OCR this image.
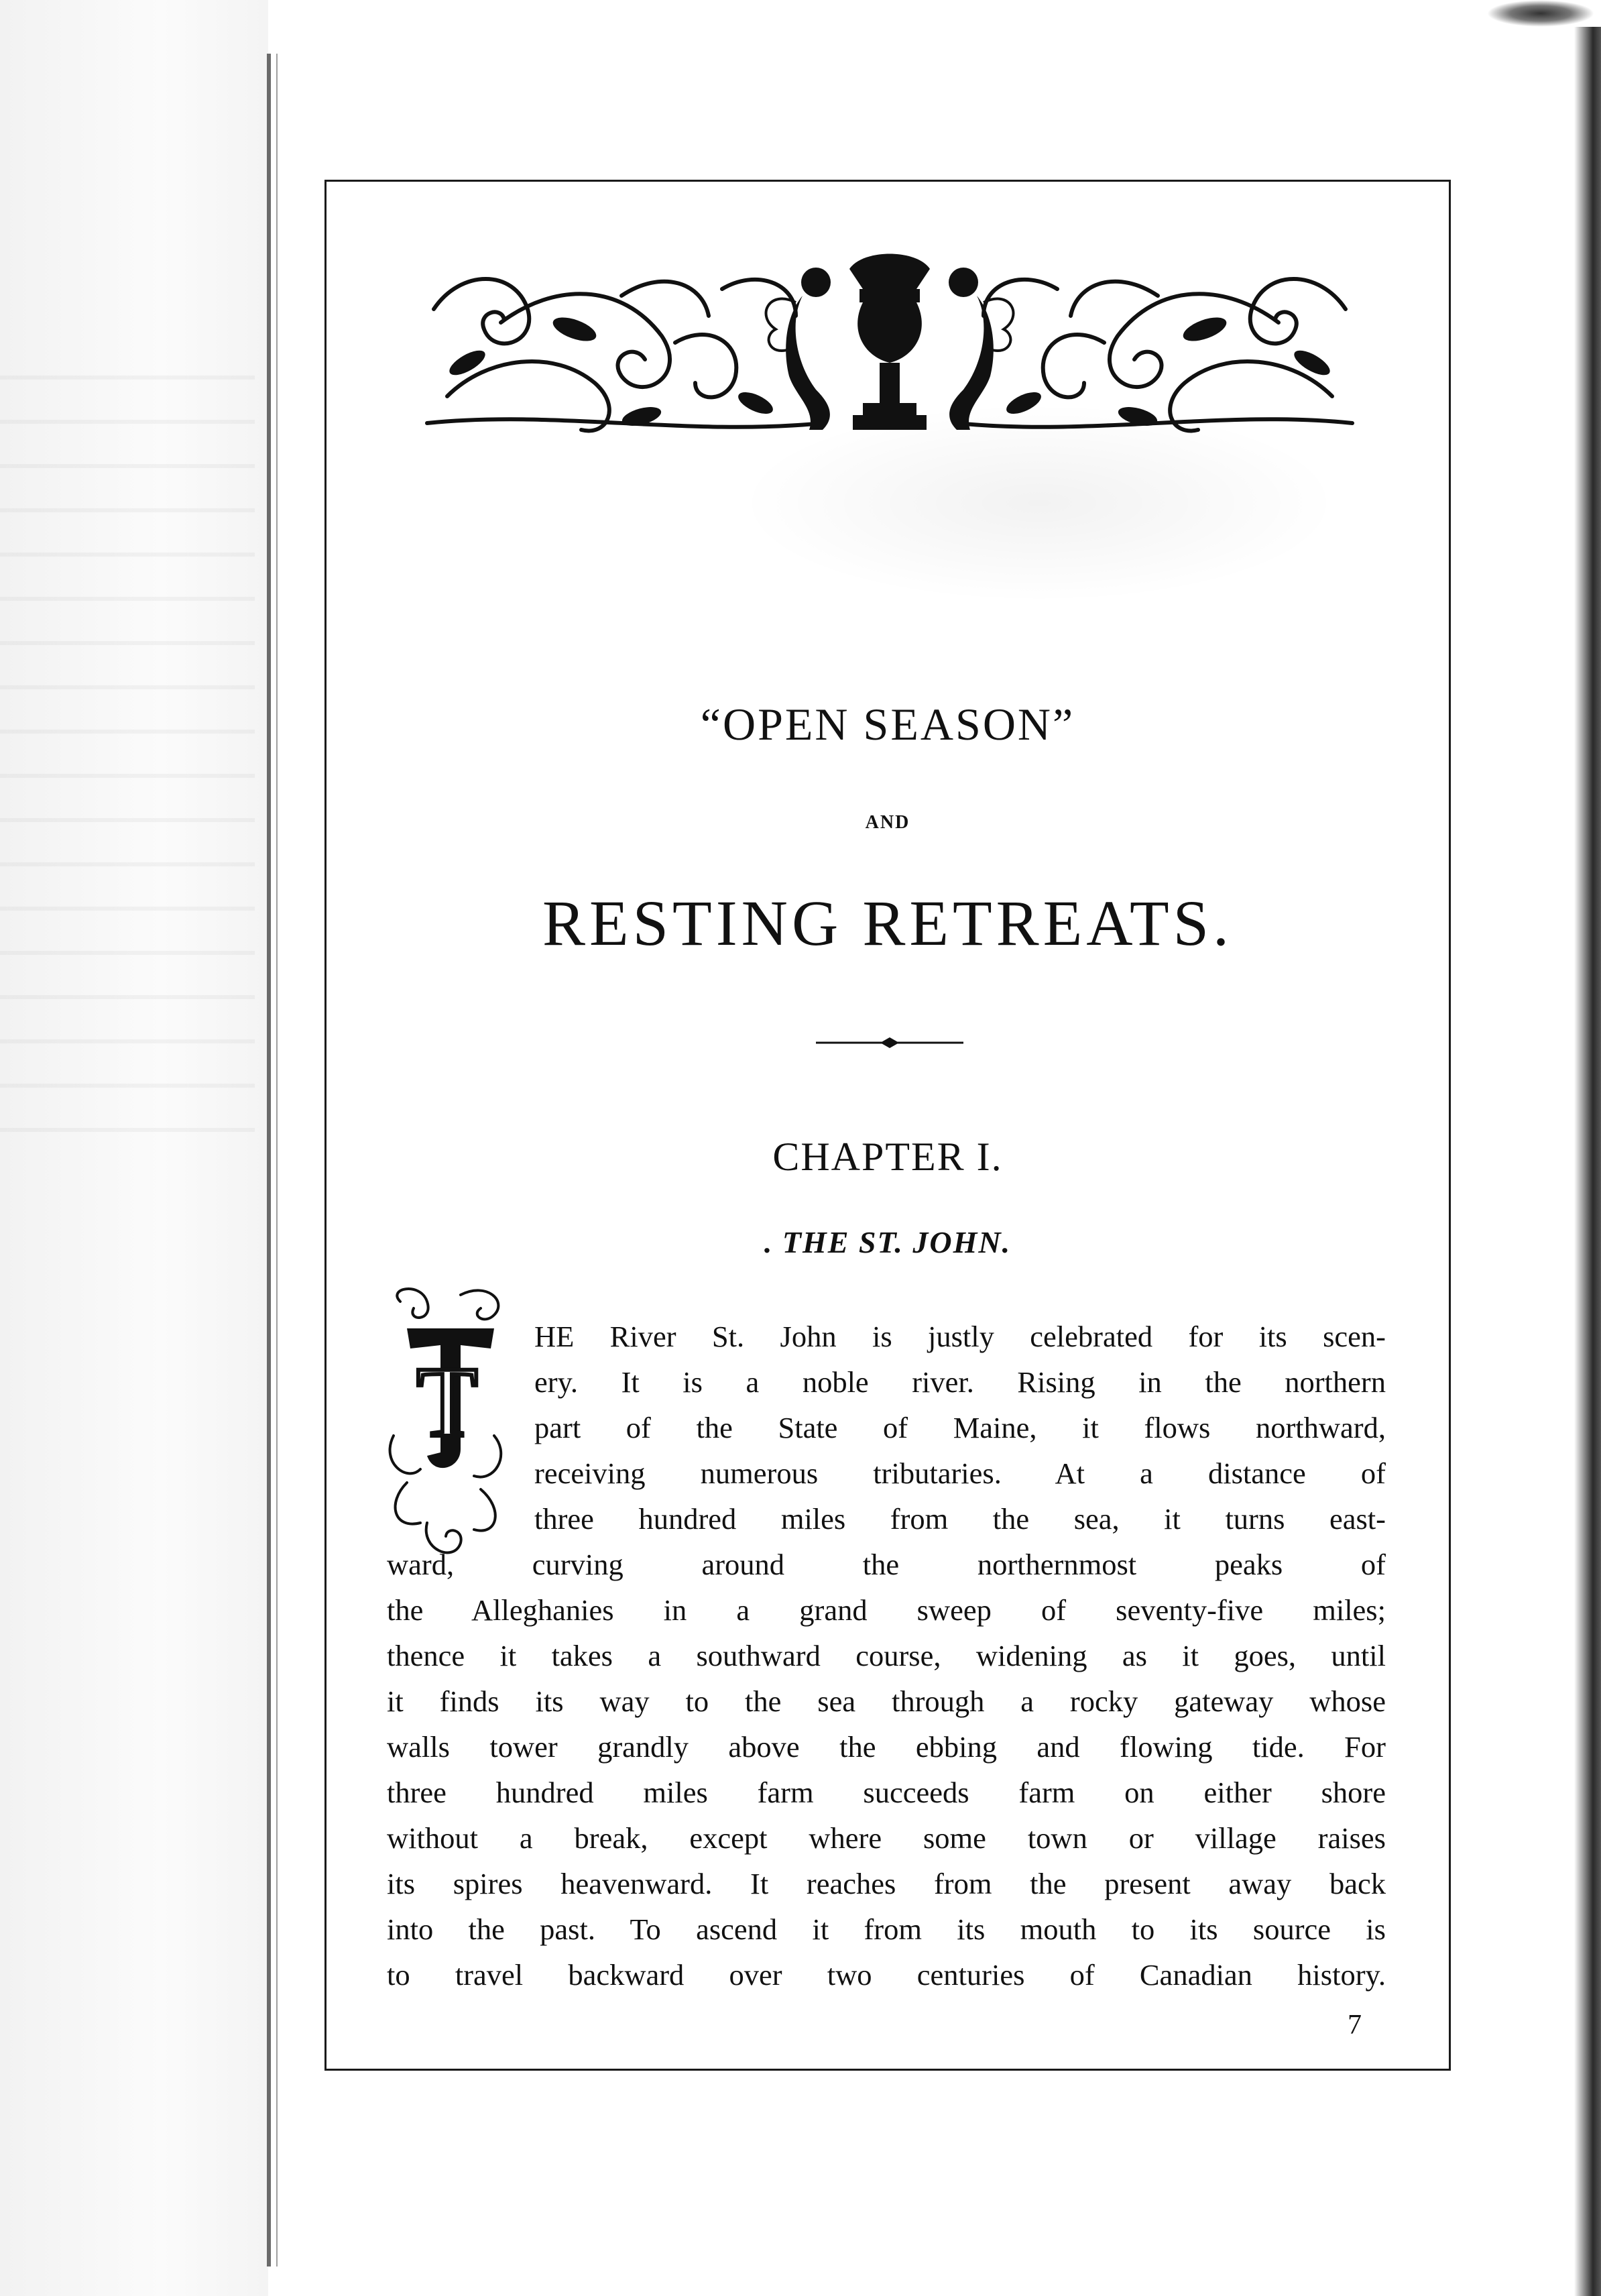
“OPEN SEASON”
AND
RESTING RETREATS.
CHAPTER I.
. THE ST. JOHN.
T
HE River St. John is justly celebrated for its scen-
ery. It is a noble river. Rising in the northern
part of the State of Maine, it flows northward,
receiving numerous tributaries. At a distance of
three hundred miles from the sea, it turns east-
ward, curving around the northernmost peaks of
the Alleghanies in a grand sweep of seventy-five miles;
thence it takes a southward course, widening as it goes, until
it finds its way to the sea through a rocky gateway whose
walls tower grandly above the ebbing and flowing tide. For
three hundred miles farm succeeds farm on either shore
without a break, except where some town or village raises
its spires heavenward. It reaches from the present away back
into the past. To ascend it from its mouth to its source is
to travel backward over two centuries of Canadian history.
7
